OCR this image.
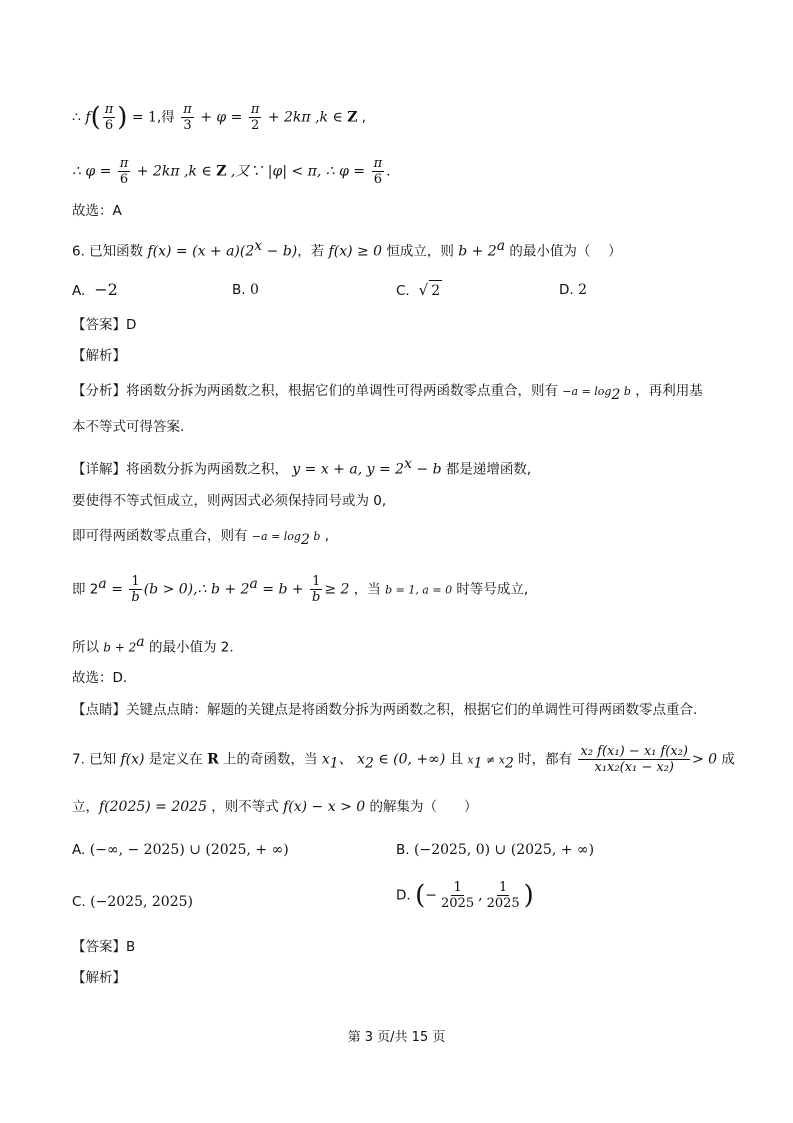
∴ $f( \frac{\pi}{6}$ ) = 1,得 $\frac{\pi}{3} + \varphi = \frac{\pi}{2} + 2k\pi$ ,k ∈ Z ,
∴ $\varphi = \frac{\pi}{6} + 2k\pi$ ,k ∈ Z ,又∵ |φ| < π, ∴ $\varphi = \frac{\pi}{6}$ .
故选：A
6. 已知函数 $f(x) = (x + a)(2^x - b)$，若 f(x) ≥ 0 恒成立，则 $b + 2^a$ 的最小值为（　 ）
A. −2	B. 0	C. √ 2	D. 2
【答案】D
【解析】
【分析】将函数分拆为两函数之积，根据它们的单调性可得两函数零点重合，则有 $-a = \log_2 b$ ，再利用基
本不等式可得答案.
【详解】将函数分拆为两函数之积， y = x + a, $y = 2^x - b$ 都是递增函数,
要使得不等式恒成立，则两因式必须保持同号或为 0,
即可得两函数零点重合，则有 $-a = \log_2 b$ ,
即 $2^a = \frac{1}{b} (b$ > 0),∴ $b + 2^a = b + \frac{1}{b} \ge 2$ ，当 b = 1, a = 0 时等号成立,
所以 $b + 2^a$ 的最小值为 2.
故选：D.
【点睛】关键点点睛：解题的关键点是将函数分拆为两函数之积，根据它们的单调性可得两函数零点重合.
7. 已知 f(x) 是定义在 R 上的奇函数，当 $x_1$、 $x_2$ ∈ (0, +∞) 且 $x_1 \ne x_2$ 时，都有 $\frac{\text{x₂ f(x₁) − x₁ f(x₂)}}{\text{x₁x₂(x₁ − x₂)}} > 0$ 成
立，f(2025) = 2025 ，则不等式 f(x) − x > 0 的解集为（　　）
A. (−∞, − 2025) ∪ (2025, + ∞)	B. (−2025, 0) ∪ (2025, + ∞)
C. (−2025, 2025)	D. (− $\frac{1}{2025}$ , $\frac{1}{2025}$ )
【答案】B
【解析】
第 3 页/共 15 页
